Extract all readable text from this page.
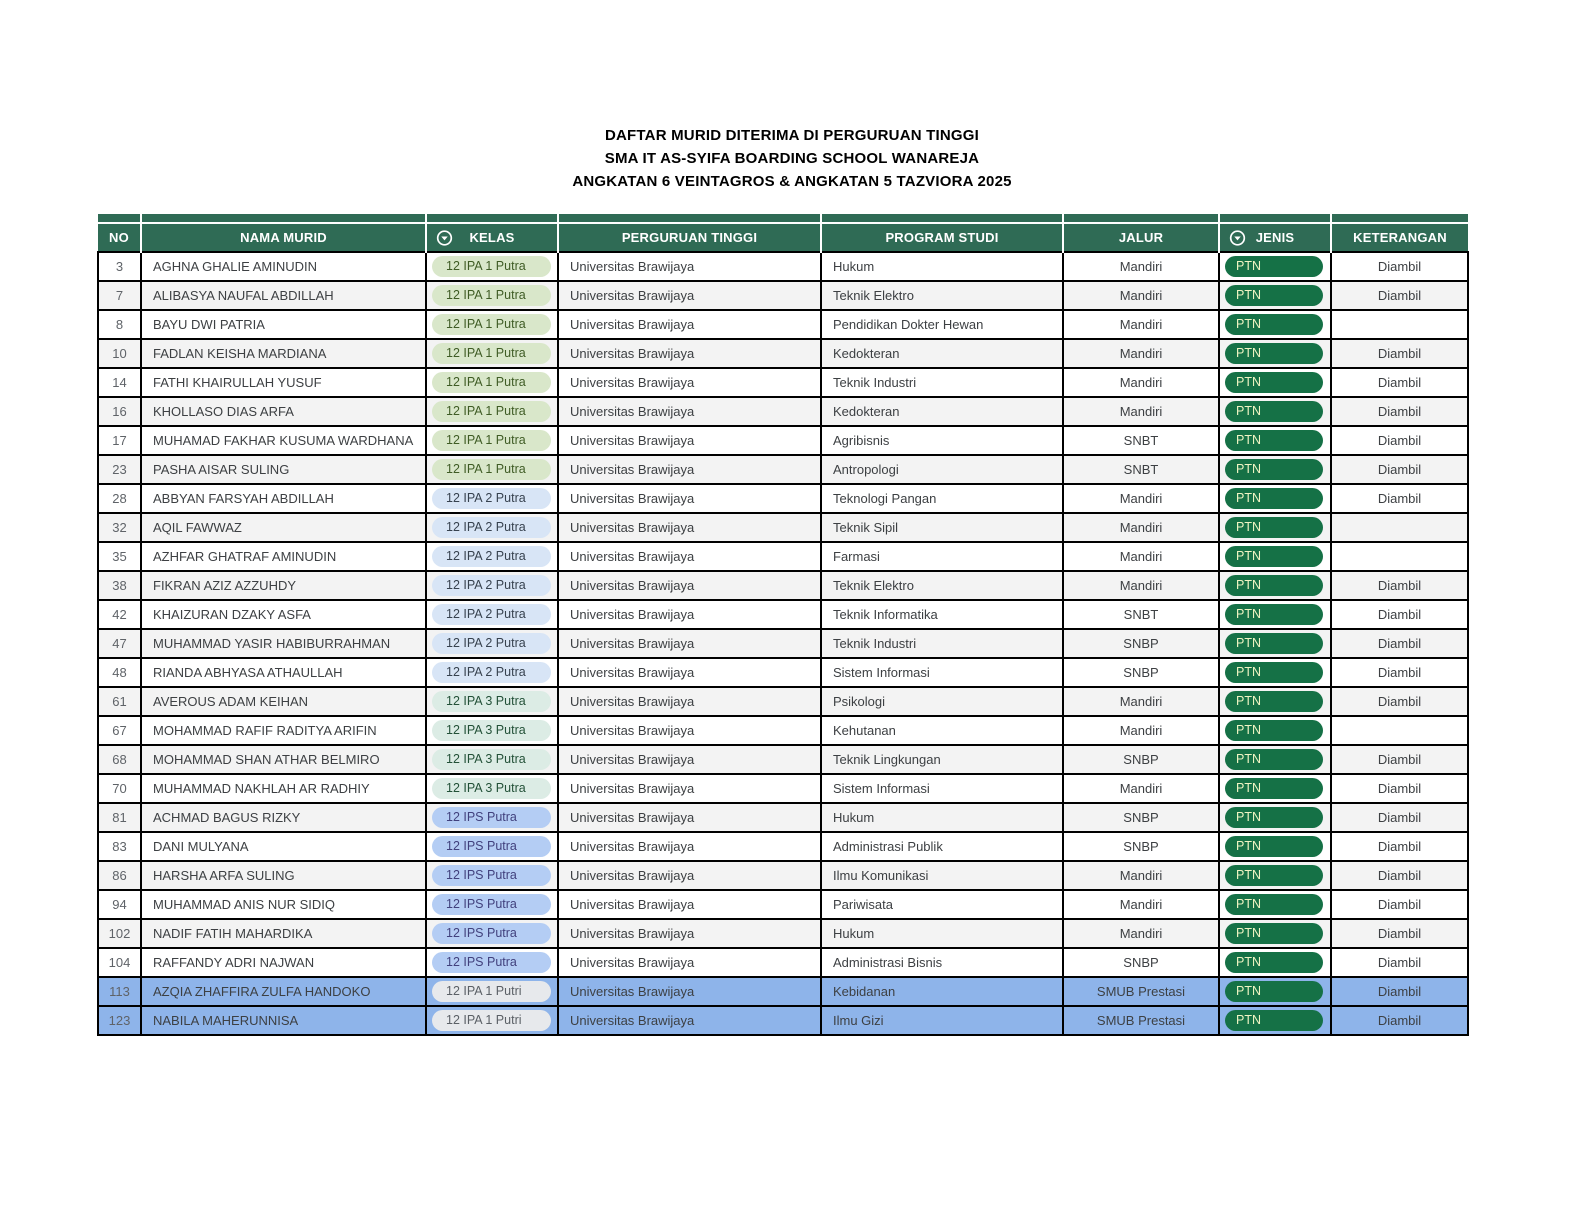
DAFTAR MURID DITERIMA DI PERGURUAN TINGGI
SMA IT AS-SYIFA BOARDING SCHOOL WANAREJA
ANGKATAN 6 VEINTAGROS & ANGKATAN 5 TAZVIORA 2025

NO	NAMA MURID	KELAS	PERGURUAN TINGGI	PROGRAM STUDI	JALUR	JENIS	KETERANGAN
3	AGHNA GHALIE AMINUDIN	12 IPA 1 Putra	Universitas Brawijaya	Hukum	Mandiri	PTN	Diambil
7	ALIBASYA NAUFAL ABDILLAH	12 IPA 1 Putra	Universitas Brawijaya	Teknik Elektro	Mandiri	PTN	Diambil
8	BAYU DWI PATRIA	12 IPA 1 Putra	Universitas Brawijaya	Pendidikan Dokter Hewan	Mandiri	PTN	
10	FADLAN KEISHA MARDIANA	12 IPA 1 Putra	Universitas Brawijaya	Kedokteran	Mandiri	PTN	Diambil
14	FATHI KHAIRULLAH YUSUF	12 IPA 1 Putra	Universitas Brawijaya	Teknik Industri	Mandiri	PTN	Diambil
16	KHOLLASO DIAS ARFA	12 IPA 1 Putra	Universitas Brawijaya	Kedokteran	Mandiri	PTN	Diambil
17	MUHAMAD FAKHAR KUSUMA WARDHANA	12 IPA 1 Putra	Universitas Brawijaya	Agribisnis	SNBT	PTN	Diambil
23	PASHA AISAR SULING	12 IPA 1 Putra	Universitas Brawijaya	Antropologi	SNBT	PTN	Diambil
28	ABBYAN FARSYAH ABDILLAH	12 IPA 2 Putra	Universitas Brawijaya	Teknologi Pangan	Mandiri	PTN	Diambil
32	AQIL FAWWAZ	12 IPA 2 Putra	Universitas Brawijaya	Teknik Sipil	Mandiri	PTN	
35	AZHFAR GHATRAF AMINUDIN	12 IPA 2 Putra	Universitas Brawijaya	Farmasi	Mandiri	PTN	
38	FIKRAN AZIZ AZZUHDY	12 IPA 2 Putra	Universitas Brawijaya	Teknik Elektro	Mandiri	PTN	Diambil
42	KHAIZURAN DZAKY ASFA	12 IPA 2 Putra	Universitas Brawijaya	Teknik Informatika	SNBT	PTN	Diambil
47	MUHAMMAD YASIR HABIBURRAHMAN	12 IPA 2 Putra	Universitas Brawijaya	Teknik Industri	SNBP	PTN	Diambil
48	RIANDA ABHYASA ATHAULLAH	12 IPA 2 Putra	Universitas Brawijaya	Sistem Informasi	SNBP	PTN	Diambil
61	AVEROUS ADAM KEIHAN	12 IPA 3 Putra	Universitas Brawijaya	Psikologi	Mandiri	PTN	Diambil
67	MOHAMMAD RAFIF RADITYA ARIFIN	12 IPA 3 Putra	Universitas Brawijaya	Kehutanan	Mandiri	PTN	
68	MOHAMMAD SHAN ATHAR BELMIRO	12 IPA 3 Putra	Universitas Brawijaya	Teknik Lingkungan	SNBP	PTN	Diambil
70	MUHAMMAD NAKHLAH AR RADHIY	12 IPA 3 Putra	Universitas Brawijaya	Sistem Informasi	Mandiri	PTN	Diambil
81	ACHMAD BAGUS RIZKY	12 IPS Putra	Universitas Brawijaya	Hukum	SNBP	PTN	Diambil
83	DANI MULYANA	12 IPS Putra	Universitas Brawijaya	Administrasi Publik	SNBP	PTN	Diambil
86	HARSHA ARFA SULING	12 IPS Putra	Universitas Brawijaya	Ilmu Komunikasi	Mandiri	PTN	Diambil
94	MUHAMMAD ANIS NUR SIDIQ	12 IPS Putra	Universitas Brawijaya	Pariwisata	Mandiri	PTN	Diambil
102	NADIF FATIH MAHARDIKA	12 IPS Putra	Universitas Brawijaya	Hukum	Mandiri	PTN	Diambil
104	RAFFANDY ADRI NAJWAN	12 IPS Putra	Universitas Brawijaya	Administrasi Bisnis	SNBP	PTN	Diambil
113	AZQIA ZHAFFIRA ZULFA HANDOKO	12 IPA 1 Putri	Universitas Brawijaya	Kebidanan	SMUB Prestasi	PTN	Diambil
123	NABILA MAHERUNNISA	12 IPA 1 Putri	Universitas Brawijaya	Ilmu Gizi	SMUB Prestasi	PTN	Diambil
